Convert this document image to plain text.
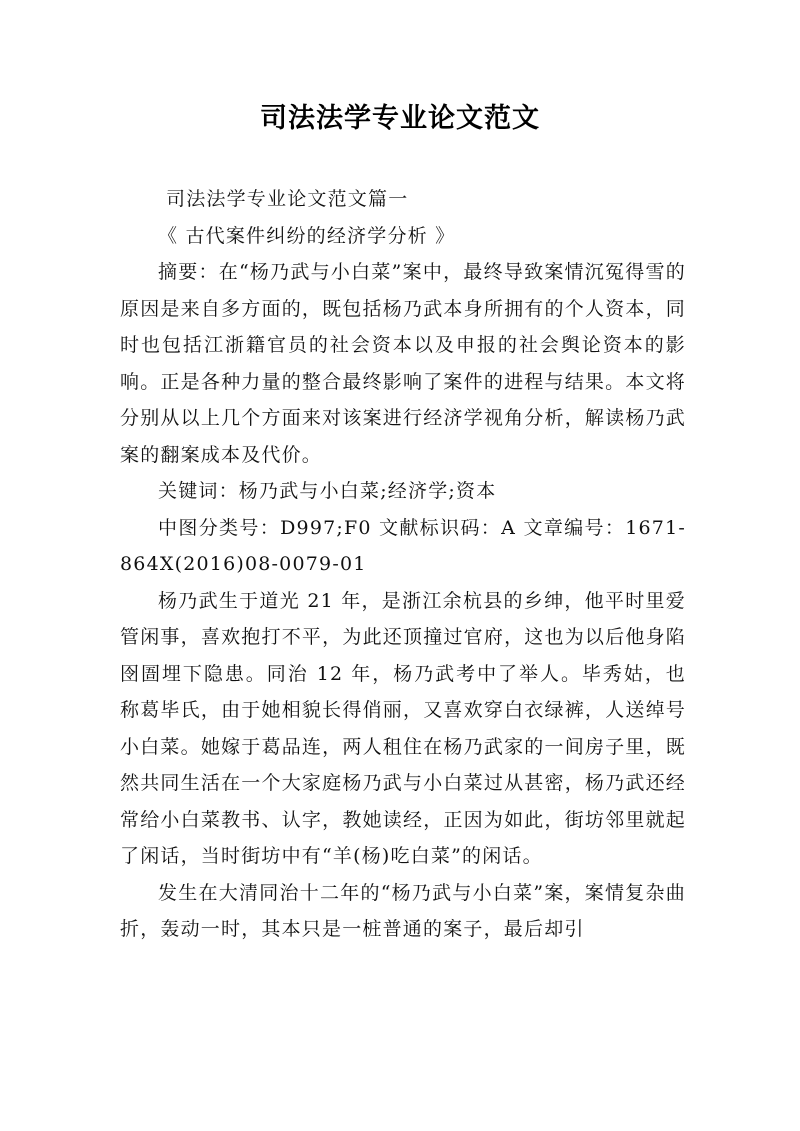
司法法学专业论文范文

司法法学专业论文范文篇一

《 古代案件纠纷的经济学分析 》

摘要：在“杨乃武与小白菜”案中，最终导致案情沉冤得雪的原因是来自多方面的，既包括杨乃武本身所拥有的个人资本，同时也包括江浙籍官员的社会资本以及申报的社会舆论资本的影响。正是各种力量的整合最终影响了案件的进程与结果。本文将分别从以上几个方面来对该案进行经济学视角分析，解读杨乃武案的翻案成本及代价。

关键词：杨乃武与小白菜;经济学;资本

中图分类号：D997;F0 文献标识码：A 文章编号：1671-864X(2016)08-0079-01

杨乃武生于道光 21 年，是浙江余杭县的乡绅，他平时里爱管闲事，喜欢抱打不平，为此还顶撞过官府，这也为以后他身陷囹圄埋下隐患。同治 12 年，杨乃武考中了举人。毕秀姑，也称葛毕氏，由于她相貌长得俏丽，又喜欢穿白衣绿裤，人送绰号小白菜。她嫁于葛品连，两人租住在杨乃武家的一间房子里，既然共同生活在一个大家庭杨乃武与小白菜过从甚密，杨乃武还经常给小白菜教书、认字，教她读经，正因为如此，街坊邻里就起了闲话，当时街坊中有“羊(杨)吃白菜”的闲话。

发生在大清同治十二年的“杨乃武与小白菜”案，案情复杂曲折，轰动一时，其本只是一桩普通的案子，最后却引
